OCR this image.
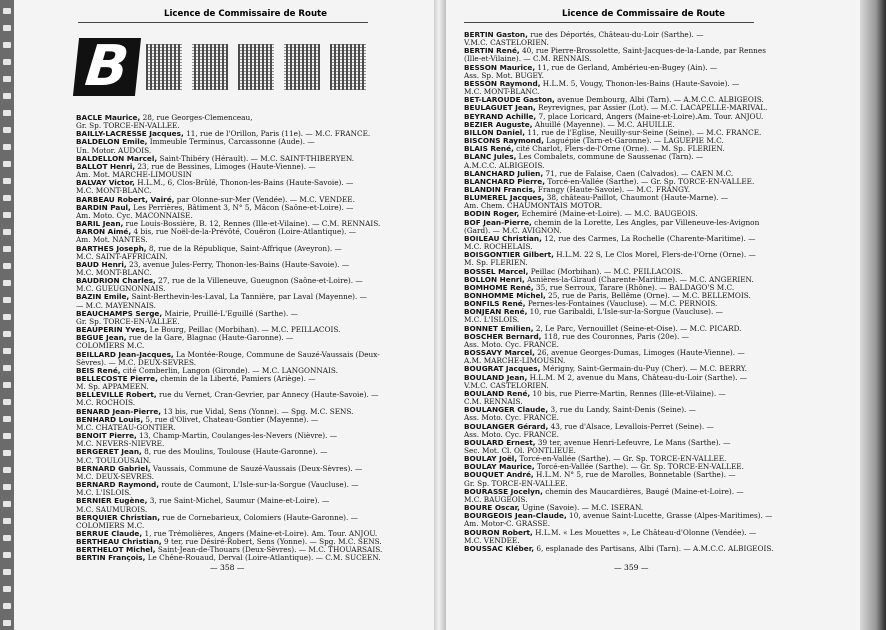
Licence de Commissaire de Route
B
BACLE Maurice, 28, rue Georges-Clemenceau,
Gr. Sp. TORCE-EN-VALLEE.
BAILLY-LACRESSE Jacques, 11, rue de l'Orillon, Paris (11e). — M.C. FRANCE.
BALDELON Emile, Immeuble Terminus, Carcassonne (Aude). —
Un. Motor. AUDOIS.
BALDELLON Marcel, Saint-Thibéry (Hérault). — M.C. SAINT-THIBERYEN.
BALLOT Henri, 23, rue de Bessines, Limoges (Haute-Vienne). —
Am. Mot. MARCHE-LIMOUSIN
BALVAY Victor, H.L.M., 6, Clos-Brûlé, Thonon-les-Bains (Haute-Savoie). —
M.C. MONT-BLANC.
BARBEAU Robert, Vairé, par Olonne-sur-Mer (Vendée). — M.C. VENDEE.
BARDIN Paul, Les Perrières, Bâtiment 3, N° 5, Mâcon (Saône-et-Loire). —
Am. Moto. Cyc. MACONNAISE.
BARIL Jean, rue Louis-Bossière, B. 12, Rennes (Ille-et-Vilaine). — C.M. RENNAIS.
BARON Aimé, 4 bis, rue Noël-de-la-Prévôté, Couëron (Loire-Atlantique). —
Am. Mot. NANTES.
BARTHES Joseph, 8, rue de la République, Saint-Affrique (Aveyron). —
M.C. SAINT-AFFRICAIN.
BAUD Henri, 23, avenue Jules-Ferry, Thonon-les-Bains (Haute-Savoie). —
M.C. MONT-BLANC.
BAUDRION Charles, 27, rue de la Villeneuve, Gueugnon (Saône-et-Loire). —
M.C. GUEUGNONNAIS.
BAZIN Emile, Saint-Berthevin-les-Laval, La Tannière, par Laval (Mayenne). —
— M.C. MAYENNAIS.
BEAUCHAMPS Serge, Mairie, Pruillé-L'Eguillé (Sarthe). —
Gr. Sp. TORCE-EN-VALLEE.
BEAUPERIN Yves, Le Bourg, Peillac (Morbihan). — M.C. PEILLACOIS.
BEGUE Jean, rue de la Gare, Blagnac (Haute-Garonne). —
COLOMIERS M.C.
BEILLARD Jean-Jacques, La Montée-Rouge, Commune de Sauzé-Vaussais (Deux-
Sèvres). — M.C. DEUX-SEVRES.
BEIS René, cité Comberlin, Langon (Gironde). — M.C. LANGONNAIS.
BELLECOSTE Pierre, chemin de la Liberté, Pamiers (Ariège). —
M. Sp. APPAMEEN.
BELLEVILLE Robert, rue du Vernet, Cran-Gevrier, par Annecy (Haute-Savoie). —
M.C. ROCHOIS.
BENARD Jean-Pierre, 13 bis, rue Vidal, Sens (Yonne). — Spg. M.C. SENS.
BENHARD Louis, 5, rue d'Olivet, Chateau-Gontier (Mayenne). —
M.C. CHATEAU-GONTIER.
BENOIT Pierre, 13, Champ-Martin, Coulanges-les-Nevers (Nièvre). —
M.C. NEVERS-NIEVRE.
BERGERET Jean, 8, rue des Moulins, Toulouse (Haute-Garonne). —
M.C. TOULOUSAIN.
BERNARD Gabriel, Vaussais, Commune de Sauzé-Vaussais (Deux-Sèvres). —
M.C. DEUX-SEVRES.
BERNARD Raymond, route de Caumont, L'Isle-sur-la-Sorgue (Vaucluse). —
M.C. L'ISLOIS.
BERNIER Eugène, 3, rue Saint-Michel, Saumur (Maine-et-Loire). —
M.C. SAUMUROIS.
BERQUIER Christian, rue de Cornebarieux, Colomiers (Haute-Garonne). —
COLOMIERS M.C.
BERRUE Claude, 1, rue Trémolières, Angers (Maine-et-Loire). Am. Tour. ANJOU.
BERTHEAU Christian, 9 ter, rue Désiré-Robert, Sens (Yonne). — Spg. M.C. SENS.
BERTHELOT Michel, Saint-Jean-de-Thouars (Deux-Sèvres). — M.C. THOUARSAIS.
BERTIN François, Le Chêne-Rouaud, Derval (Loire-Atlantique). — C.M. SUCEEN.
— 358 —
Licence de Commissaire de Route
BERTIN Gaston, rue des Déportés, Château-du-Loir (Sarthe). —
V.M.C. CASTELORIEN.
BERTIN René, 40, rue Pierre-Brossolette, Saint-Jacques-de-la-Lande, par Rennes
(Ille-et-Vilaine). — C.M. RENNAIS.
BESSON Maurice, 11, rue de Gerland, Ambérieu-en-Bugey (Ain). —
Ass. Sp. Mot. BUGEY.
BESSON Raymond, H.L.M. 5, Vougy, Thonon-les-Bains (Haute-Savoie). —
M.C. MONT-BLANC.
BET-LAROUDE Gaston, avenue Dembourg, Albi (Tarn). — A.M.C.C. ALBIGEOIS.
BEULAGUET Jean, Reyrevignes, par Assier (Lot). — M.C. LACAPELLE-MARIVAL.
BEYRAND Achille, 7, place Loricard, Angers (Maine-et-Loire).Am. Tour. ANJOU.
BEZIER Auguste, Ahuillé (Mayenne). — M.C. AHUILLE.
BILLON Daniel, 11, rue de l'Eglise, Neuilly-sur-Seine (Seine). — M.C. FRANCE.
BISCONS Raymond, Laguépie (Tarn-et-Garonne). — LAGUEPIE M.C.
BLAIS René, cité Charlot, Flers-de-l'Orne (Orne). — M. Sp. FLERIEN.
BLANC Jules, Les Combalets, commune de Saussenac (Tarn). —
A.M.C.C. ALBIGEOIS.
BLANCHARD Julien, 71, rue de Falaise, Caen (Calvados). — CAEN M.C.
BLANCHARD Pierre, Torcé-en-Vallée (Sarthe). — Gr. Sp. TORCE-EN-VALLEE.
BLANDIN Francis, Frangy (Haute-Savoie). — M.C. FRANGY.
BLUMEREL Jacques, 38, château-Paillot, Chaumont (Haute-Marne). —
Am. Chem. CHAUMONTAIS MOTOR.
BODIN Roger, Echemiré (Maine-et-Loire). — M.C. BAUGEOIS.
BOF Jean-Pierre, chemin de la Lorette, Les Angles, par Villeneuve-les-Avignon
(Gard). — M.C. AVIGNON.
BOILEAU Christian, 12, rue des Carmes, La Rochelle (Charente-Maritime). —
M.C. ROCHELAIS.
BOISGONTIER Gilbert, H.L.M. 22 S, Le Clos Morel, Flers-de-l'Orne (Orne). —
M. Sp. FLERIEN.
BOSSEL Marcel, Peillac (Morbihan). — M.C. PEILLACOIS.
BOLLON Henri, Asnières-la-Giraud (Charente-Maritime). — M.C. ANGERIEN.
BOMHOME René, 35, rue Serroux, Tarare (Rhône). — BALDAGO'S M.C.
BONHOMME Michel, 25, rue de Paris, Bellême (Orne). — M.C. BELLEMOIS.
BONFILS René, Pernes-les-Fontaines (Vaucluse). — M.C. PERNOIS.
BONJEAN René, 10, rue Garibaldi, L'Isle-sur-la-Sorgue (Vaucluse). —
M.C. L'ISLOIS.
BONNET Emilien, 2, Le Parc, Vernouillet (Seine-et-Oise). — M.C. PICARD.
BOSCHER Bernard, 118, rue des Couronnes, Paris (20e). —
Ass. Moto. Cyc. FRANCE.
BOSSAVY Marcel, 26, avenue Georges-Dumas, Limoges (Haute-Vienne). —
A.M. MARCHE-LIMOUSIN.
BOUGRAT Jacques, Mérigny, Saint-Germain-du-Puy (Cher). — M.C. BERRY.
BOULAND Jean, H.L.M. M 2, avenue du Mans, Château-du-Loir (Sarthe). —
V.M.C. CASTELORIEN.
BOULAND René, 10 bis, rue Pierre-Martin, Rennes (Ille-et-Vilaine). —
C.M. RENNAIS.
BOULANGER Claude, 3, rue du Landy, Saint-Denis (Seine). —
Ass. Moto. Cyc. FRANCE.
BOULANGER Gérard, 43, rue d'Alsace, Levallois-Perret (Seine). —
Ass. Moto. Cyc. FRANCE.
BOULARD Ernest, 39 ter, avenue Henri-Lefeuvre, Le Mans (Sarthe). —
Sec. Mot. Cl. Ol. PONTLIEUE.
BOULAY Joël, Torcé-en-Vallée (Sarthe). — Gr. Sp. TORCE-EN-VALLEE.
BOULAY Maurice, Torcé-en-Vallée (Sarthe). — Gr. Sp. TORCE-EN-VALLEE.
BOUQUET André, H.L.M. N° 5, rue de Marolles, Bonnetable (Sarthe). —
Gr. Sp. TORCE-EN-VALLEE.
BOURASSE Jocelyn, chemin des Maucardières, Baugé (Maine-et-Loire). —
M.C. BAUGEOIS.
BOURE Oscar, Ugine (Savoie). — M.C. ISERAN.
BOURGEOIS Jean-Claude, 10, avenue Saint-Lucette, Grasse (Alpes-Maritimes). —
Am. Motor-C. GRASSE.
BOURON Robert, H.L.M. « Les Mouettes », Le Château-d'Olonne (Vendée). —
M.C. VENDEE.
BOUSSAC Kléber, 6, esplanade des Partisans, Albi (Tarn). — A.M.C.C. ALBIGEOIS.
— 359 —
